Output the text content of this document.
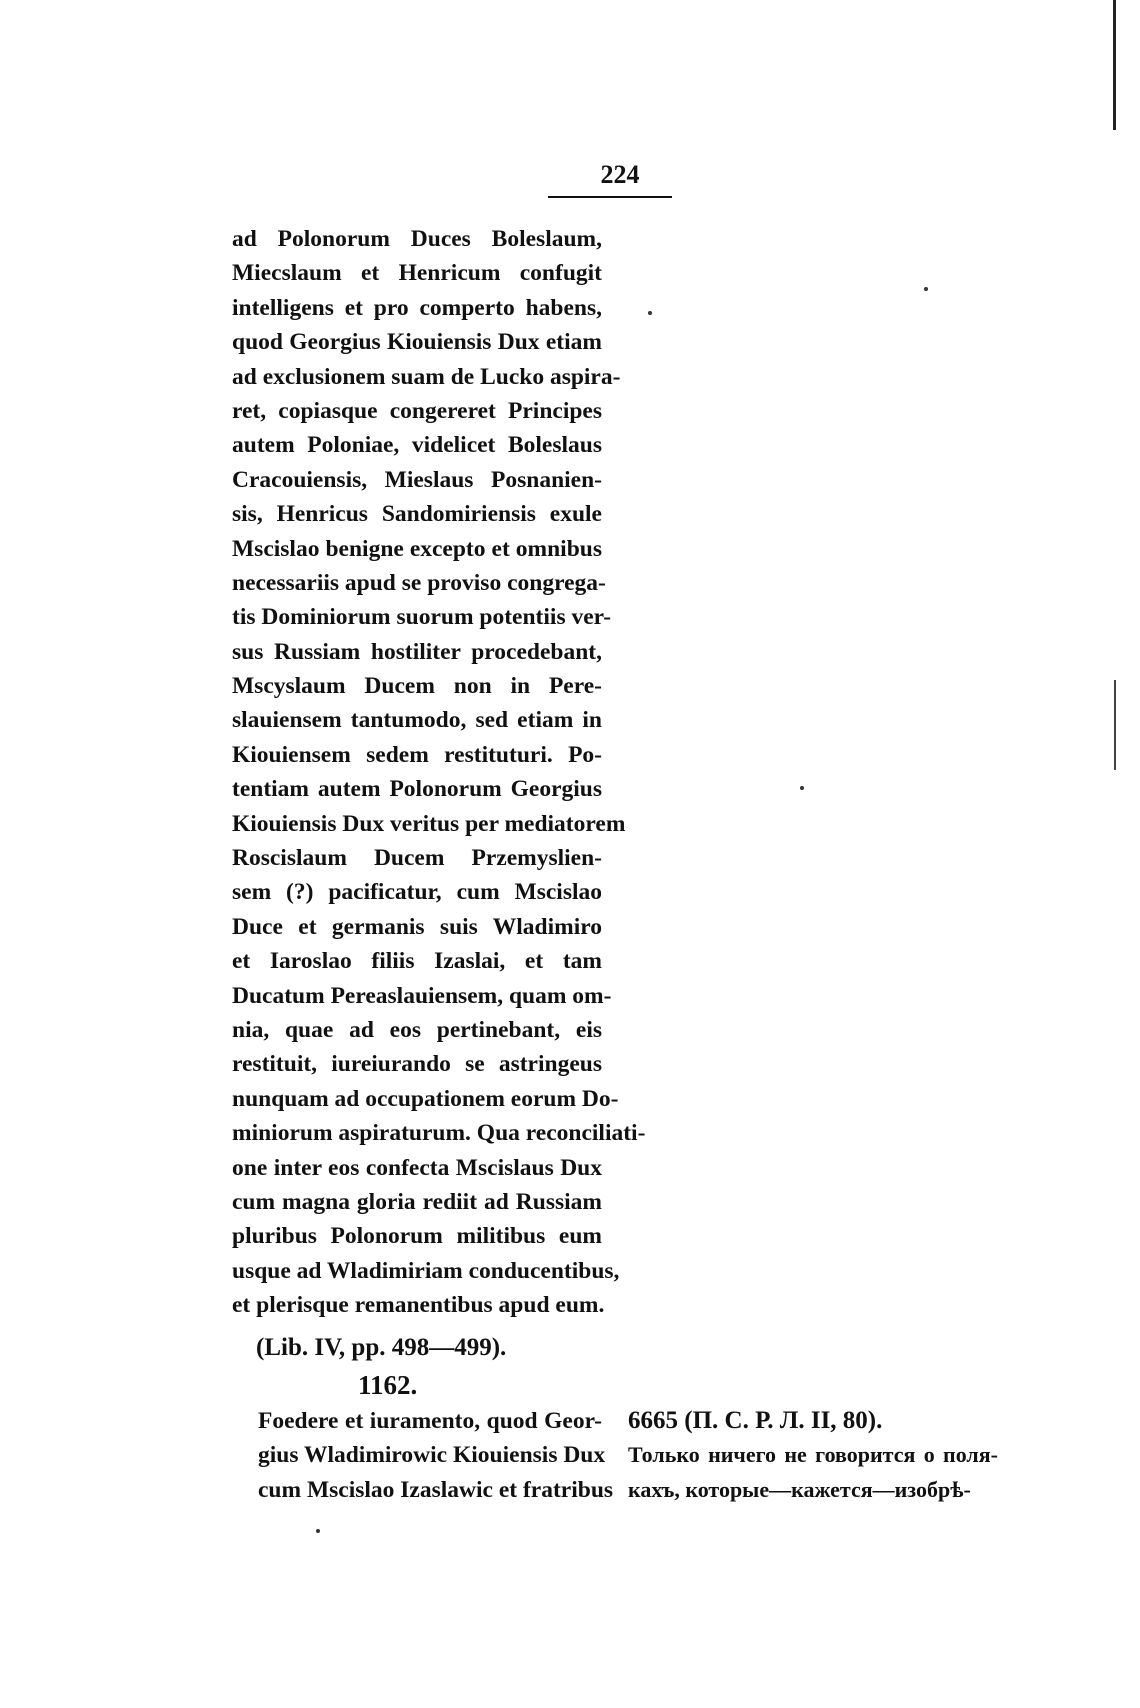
224
ad Polonorum Duces Boleslaum,
Miecslaum et Henricum confugit
intelligens et pro comperto habens,
quod Georgius Kiouiensis Dux etiam
ad exclusionem suam de Lucko aspira-
ret, copiasque congereret Principes
autem Poloniae, videlicet Boleslaus
Cracouiensis, Mieslaus Posnanien-
sis, Henricus Sandomiriensis exule
Mscislao benigne excepto et omnibus
necessariis apud se proviso congrega-
tis Dominiorum suorum potentiis ver-
sus Russiam hostiliter procedebant,
Mscyslaum Ducem non in Pere-
slauiensem tantumodo, sed etiam in
Kiouiensem sedem restituturi. Po-
tentiam autem Polonorum Georgius
Kiouiensis Dux veritus per mediatorem
Roscislaum Ducem Przemyslien-
sem (?) pacificatur, cum Mscislao
Duce et germanis suis Wladimiro
et Iaroslao filiis Izaslai, et tam
Ducatum Pereaslauiensem, quam om-
nia, quae ad eos pertinebant, eis
restituit, iureiurando se astringeus
nunquam ad occupationem eorum Do-
miniorum aspiraturum. Qua reconciliati-
one inter eos confecta Mscislaus Dux
cum magna gloria rediit ad Russiam
pluribus Polonorum militibus eum
usque ad Wladimiriam conducentibus,
et plerisque remanentibus apud eum.
(Lib. IV, pp. 498—499).
1162.
Foedere et iuramento, quod Geor-
gius Wladimirowic Kiouiensis Dux
cum Mscislao Izaslawic et fratribus
6665 (П. С. Р. Л. II, 80).
Только ничего не говорится о поля-
кахъ, которые—кажется—изобрѣ-
